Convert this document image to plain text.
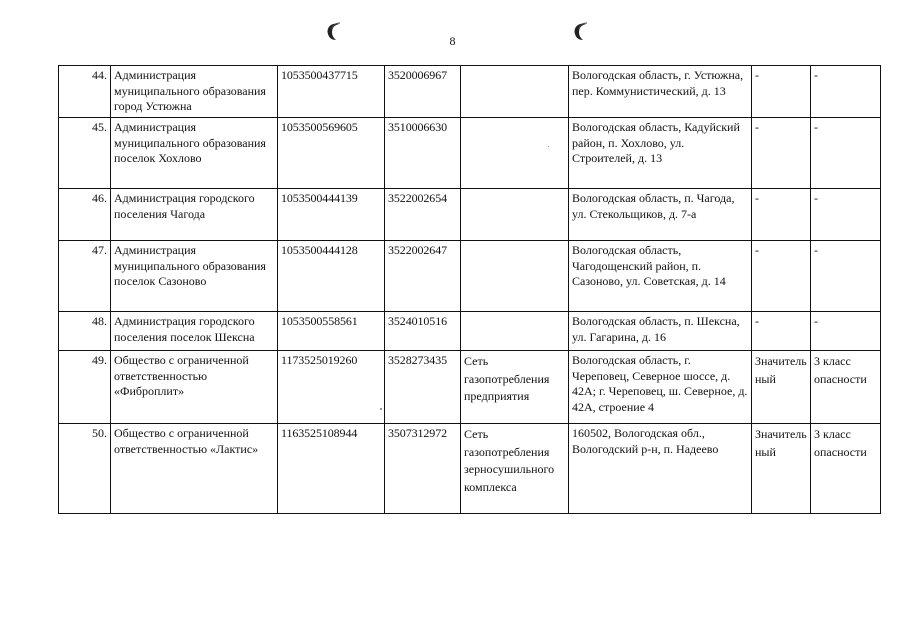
8
44.	Администрация муниципального образования город Устюжна	1053500437715	3520006967		Вологодская область, г. Устюжна, пер. Коммунистический, д. 13	-	-
45.	Администрация муниципального образования поселок Хохлово	1053500569605	3510006630		Вологодская область, Кадуйский район, п. Хохлово, ул. Строителей, д. 13	-	-
46.	Администрация городского поселения Чагода	1053500444139	3522002654		Вологодская область, п. Чагода, ул. Стекольщиков, д. 7-а	-	-
47.	Администрация муниципального образования поселок Сазоново	1053500444128	3522002647		Вологодская область, Чагодощенский район, п. Сазоново, ул. Советская, д. 14	-	-
48.	Администрация городского поселения поселок Шексна	1053500558561	3524010516		Вологодская область, п. Шексна, ул. Гагарина, д. 16	-	-
49.	Общество с ограниченной ответственностью «Фиброплит»	1173525019260	3528273435	Сеть газопотребления предприятия	Вологодская область, г. Череповец, Северное шоссе, д. 42А; г. Череповец, ш. Северное, д. 42А, строение 4	Значительный	3 класс опасности
50.	Общество с ограниченной ответственностью «Лактис»	1163525108944	3507312972	Сеть газопотребления зерносушильного комплекса	160502, Вологодская обл., Вологодский р-н, п. Надеево	Значительный	3 класс опасности
